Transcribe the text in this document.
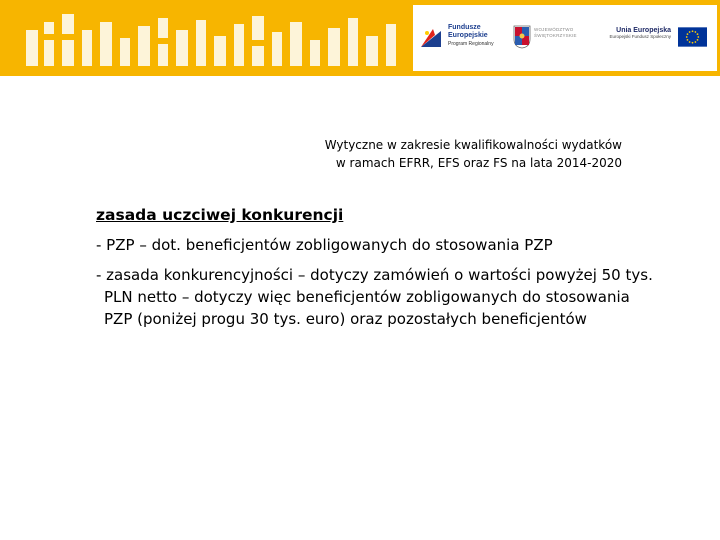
Fundusze
Europejskie
Program Regionalny
WOJEWÓDZTWO
ŚWIĘTOKRZYSKIE
Unia Europejska
Europejski Fundusz Społeczny
Wytyczne w zakresie kwalifikowalności wydatków
w ramach EFRR, EFS oraz FS na lata 2014-2020

zasada uczciwej konkurencji

- PZP – dot. beneficjentów zobligowanych do stosowania PZP

- zasada konkurencyjności – dotyczy zamówień o wartości powyżej 50 tys. PLN netto – dotyczy więc beneficjentów zobligowanych do stosowania PZP (poniżej progu 30 tys. euro) oraz pozostałych beneficjentów
